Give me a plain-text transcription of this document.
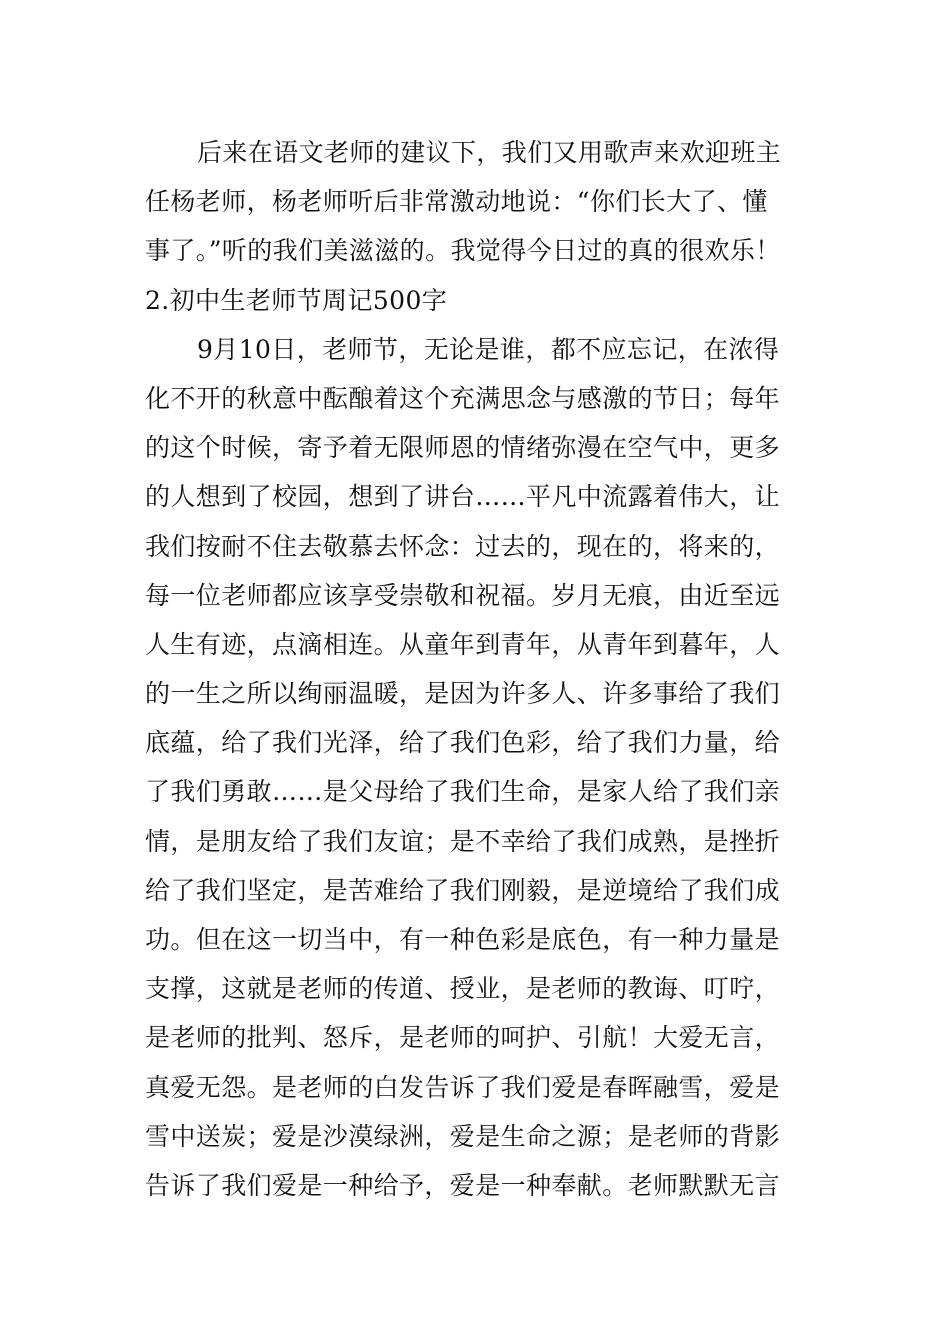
后来在语文老师的建议下，我们又用歌声来欢迎班主
任杨老师，杨老师听后非常激动地说：“你们长大了、懂
事了。”听的我们美滋滋的。我觉得今日过的真的很欢乐！
2.初中生老师节周记500字
9月10日，老师节，无论是谁，都不应忘记，在浓得
化不开的秋意中酝酿着这个充满思念与感激的节日；每年
的这个时候，寄予着无限师恩的情绪弥漫在空气中，更多
的人想到了校园，想到了讲台……平凡中流露着伟大，让
我们按耐不住去敬慕去怀念：过去的，现在的，将来的，
每一位老师都应该享受崇敬和祝福。岁月无痕，由近至远
人生有迹，点滴相连。从童年到青年，从青年到暮年，人
的一生之所以绚丽温暖，是因为许多人、许多事给了我们
底蕴，给了我们光泽，给了我们色彩，给了我们力量，给
了我们勇敢……是父母给了我们生命，是家人给了我们亲
情，是朋友给了我们友谊；是不幸给了我们成熟，是挫折
给了我们坚定，是苦难给了我们刚毅，是逆境给了我们成
功。但在这一切当中，有一种色彩是底色，有一种力量是
支撑，这就是老师的传道、授业，是老师的教诲、叮咛，
是老师的批判、怒斥，是老师的呵护、引航！大爱无言，
真爱无怨。是老师的白发告诉了我们爱是春晖融雪，爱是
雪中送炭；爱是沙漠绿洲，爱是生命之源；是老师的背影
告诉了我们爱是一种给予，爱是一种奉献。老师默默无言
